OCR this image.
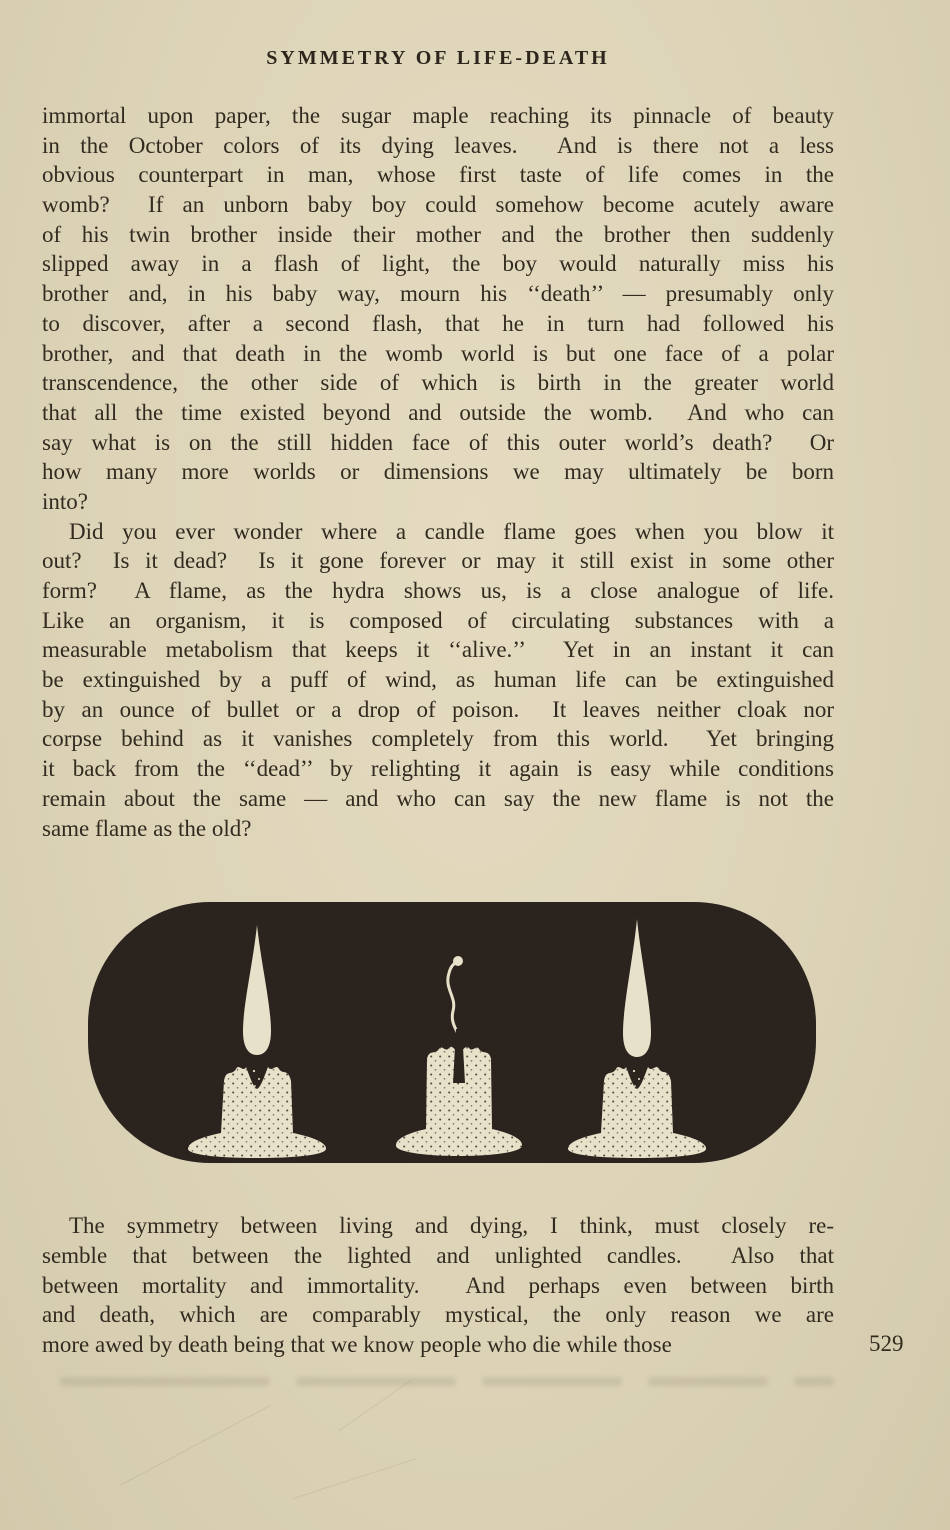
SYMMETRY OF LIFE-DEATH
immortal upon paper, the sugar maple reaching its pinnacle of beauty
in the October colors of its dying leaves.  And is there not a less
obvious counterpart in man, whose first taste of life comes in the
womb?  If an unborn baby boy could somehow become acutely aware
of his twin brother inside their mother and the brother then suddenly
slipped away in a flash of light, the boy would naturally miss his
brother and, in his baby way, mourn his ‘‘death’’ — presumably only
to discover, after a second flash, that he in turn had followed his
brother, and that death in the womb world is but one face of a polar
transcendence, the other side of which is birth in the greater world
that all the time existed beyond and outside the womb.  And who can
say what is on the still hidden face of this outer world’s death?  Or
how many more worlds or dimensions we may ultimately be born
into?
Did you ever wonder where a candle flame goes when you blow it
out?  Is it dead?  Is it gone forever or may it still exist in some other
form?  A flame, as the hydra shows us, is a close analogue of life.
Like an organism, it is composed of circulating substances with a
measurable metabolism that keeps it ‘‘alive.’’  Yet in an instant it can
be extinguished by a puff of wind, as human life can be extinguished
by an ounce of bullet or a drop of poison.  It leaves neither cloak nor
corpse behind as it vanishes completely from this world.  Yet bringing
it back from the ‘‘dead’’ by relighting it again is easy while conditions
remain about the same — and who can say the new flame is not the
same flame as the old?
The symmetry between living and dying, I think, must closely re-
semble that between the lighted and unlighted candles.  Also that
between mortality and immortality.  And perhaps even between birth
and death, which are comparably mystical, the only reason we are
more awed by death being that we know people who die while those	529
